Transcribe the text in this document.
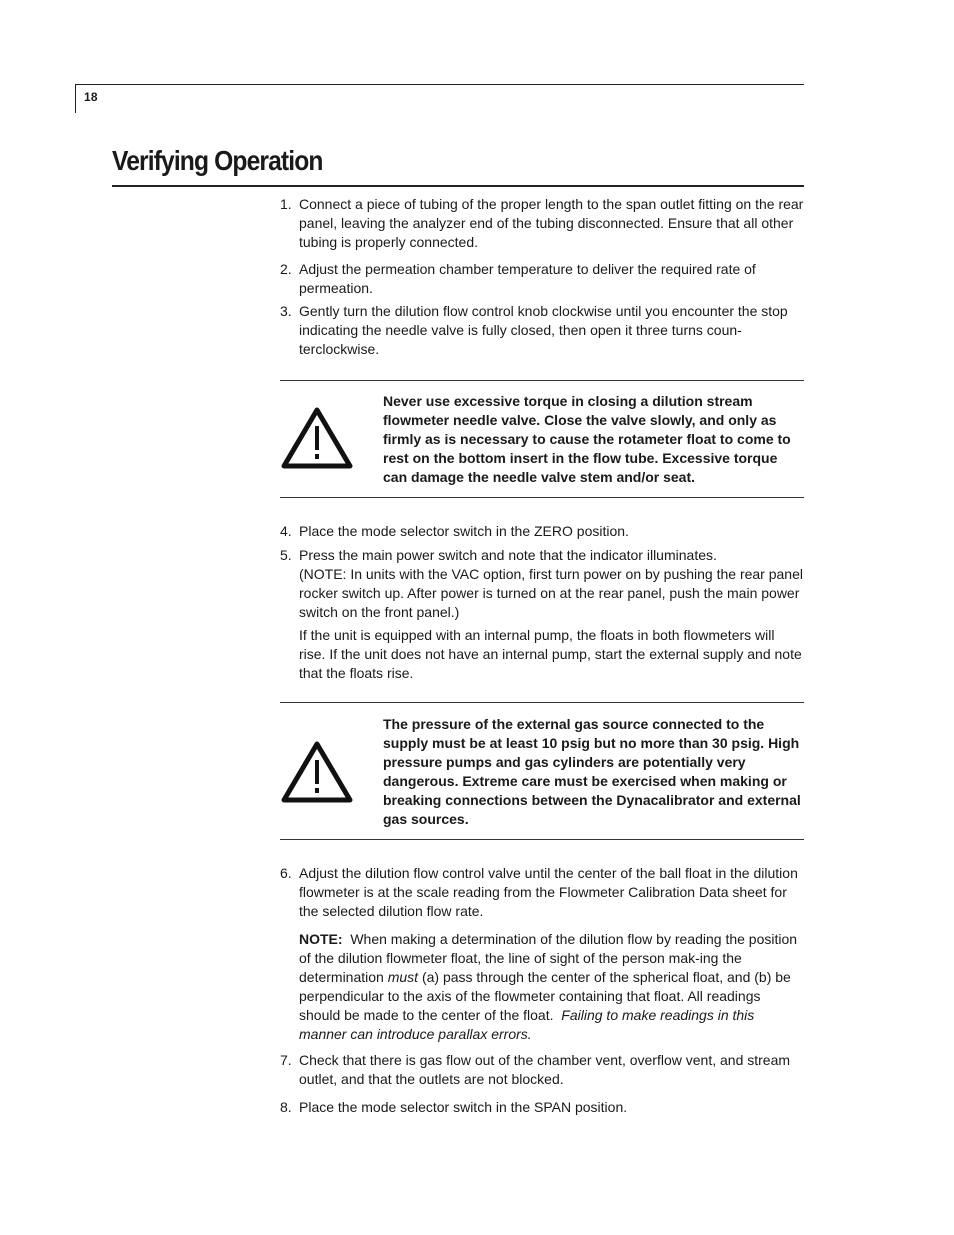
18
Verifying Operation
1. Connect a piece of tubing of the proper length to the span outlet fitting on the rear panel, leaving the analyzer end of the tubing disconnected. Ensure that all other tubing is properly connected.

2. Adjust the permeation chamber temperature to deliver the required rate of permeation.

3. Gently turn the dilution flow control knob clockwise until you encounter the stop indicating the needle valve is fully closed, then open it three turns coun-terclockwise.

Never use excessive torque in closing a dilution stream flowmeter needle valve. Close the valve slowly, and only as firmly as is necessary to cause the rotameter float to come to rest on the bottom insert in the flow tube. Excessive torque can damage the needle valve stem and/or seat.
4. Place the mode selector switch in the ZERO position.

5. Press the main power switch and note that the indicator illuminates.

(NOTE: In units with the VAC option, first turn power on by pushing the rear panel rocker switch up. After power is turned on at the rear panel, push the main power switch on the front panel.)

If the unit is equipped with an internal pump, the floats in both flowmeters will rise. If the unit does not have an internal pump, start the external supply and note that the floats rise.

The pressure of the external gas source connected to the supply must be at least 10 psig but no more than 30 psig. High pressure pumps and gas cylinders are potentially very dangerous. Extreme care must be exercised when making or breaking connections between the Dynacalibrator and external gas sources.
6. Adjust the dilution flow control valve until the center of the ball float in the dilution flowmeter is at the scale reading from the Flowmeter Calibration Data sheet for the selected dilution flow rate.

NOTE: When making a determination of the dilution flow by reading the position of the dilution flowmeter float, the line of sight of the person mak-ing the determination must (a) pass through the center of the spherical float, and (b) be perpendicular to the axis of the flowmeter containing that float. All readings should be made to the center of the float. Failing to make readings in this manner can introduce parallax errors.

7. Check that there is gas flow out of the chamber vent, overflow vent, and stream outlet, and that the outlets are not blocked.

8. Place the mode selector switch in the SPAN position.
